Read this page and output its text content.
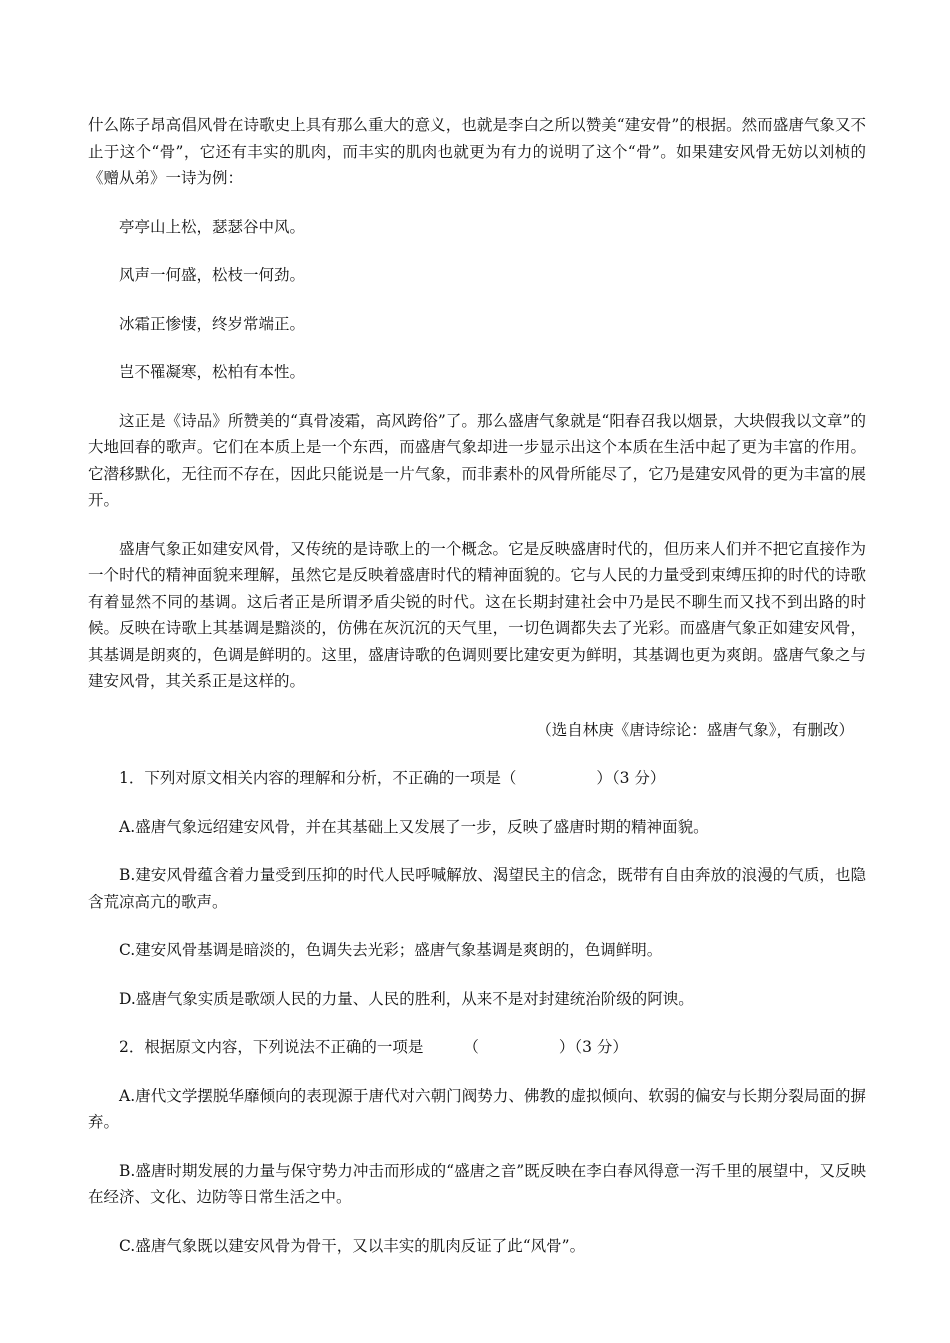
什么陈子昂高倡风骨在诗歌史上具有那么重大的意义，也就是李白之所以赞美“建安骨”的根据。然而盛唐气象又不止于这个“骨”，它还有丰实的肌肉，而丰实的肌肉也就更为有力的说明了这个“骨”。如果建安风骨无妨以刘桢的《赠从弟》一诗为例：

亭亭山上松，瑟瑟谷中风。

风声一何盛，松枝一何劲。

冰霜正惨悽，终岁常端正。

岂不罹凝寒，松柏有本性。

这正是《诗品》所赞美的“真骨凌霜，高风跨俗”了。那么盛唐气象就是“阳春召我以烟景，大块假我以文章”的大地回春的歌声。它们在本质上是一个东西，而盛唐气象却进一步显示出这个本质在生活中起了更为丰富的作用。它潜移默化，无往而不存在，因此只能说是一片气象，而非素朴的风骨所能尽了，它乃是建安风骨的更为丰富的展开。

盛唐气象正如建安风骨，又传统的是诗歌上的一个概念。它是反映盛唐时代的，但历来人们并不把它直接作为一个时代的精神面貌来理解，虽然它是反映着盛唐时代的精神面貌的。它与人民的力量受到束缚压抑的时代的诗歌有着显然不同的基调。这后者正是所谓矛盾尖锐的时代。这在长期封建社会中乃是民不聊生而又找不到出路的时候。反映在诗歌上其基调是黯淡的，仿佛在灰沉沉的天气里，一切色调都失去了光彩。而盛唐气象正如建安风骨，其基调是朗爽的，色调是鲜明的。这里，盛唐诗歌的色调则要比建安更为鲜明，其基调也更为爽朗。盛唐气象之与建安风骨，其关系正是这样的。

（选自林庚《唐诗综论：盛唐气象》，有删改）

1．下列对原文相关内容的理解和分析，不正确的一项是（	）（3 分）

A.盛唐气象远绍建安风骨，并在其基础上又发展了一步，反映了盛唐时期的精神面貌。

B.建安风骨蕴含着力量受到压抑的时代人民呼喊解放、渴望民主的信念，既带有自由奔放的浪漫的气质，也隐含荒凉高亢的歌声。

C.建安风骨基调是暗淡的，色调失去光彩；盛唐气象基调是爽朗的，色调鲜明。

D.盛唐气象实质是歌颂人民的力量、人民的胜利，从来不是对封建统治阶级的阿谀。

2．根据原文内容，下列说法不正确的一项是	（	）（3 分）

A.唐代文学摆脱华靡倾向的表现源于唐代对六朝门阀势力、佛教的虚拟倾向、软弱的偏安与长期分裂局面的摒弃。

B.盛唐时期发展的力量与保守势力冲击而形成的“盛唐之音”既反映在李白春风得意一泻千里的展望中，又反映在经济、文化、边防等日常生活之中。

C.盛唐气象既以建安风骨为骨干，又以丰实的肌肉反证了此“风骨”。
